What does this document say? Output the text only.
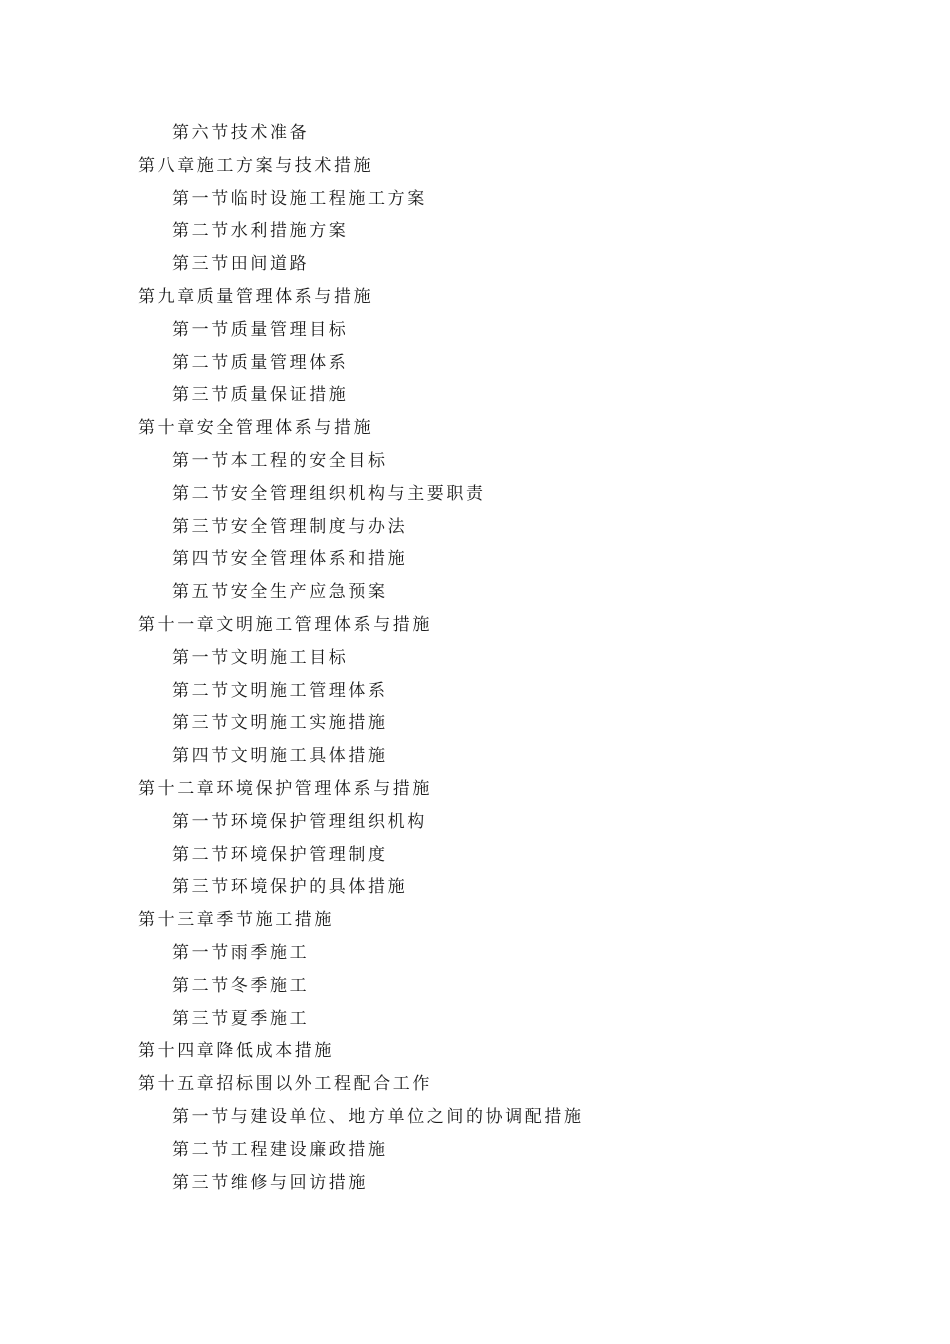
第六节技术准备
第八章施工方案与技术措施
第一节临时设施工程施工方案
第二节水利措施方案
第三节田间道路
第九章质量管理体系与措施
第一节质量管理目标
第二节质量管理体系
第三节质量保证措施
第十章安全管理体系与措施
第一节本工程的安全目标
第二节安全管理组织机构与主要职责
第三节安全管理制度与办法
第四节安全管理体系和措施
第五节安全生产应急预案
第十一章文明施工管理体系与措施
第一节文明施工目标
第二节文明施工管理体系
第三节文明施工实施措施
第四节文明施工具体措施
第十二章环境保护管理体系与措施
第一节环境保护管理组织机构
第二节环境保护管理制度
第三节环境保护的具体措施
第十三章季节施工措施
第一节雨季施工
第二节冬季施工
第三节夏季施工
第十四章降低成本措施
第十五章招标围以外工程配合工作
第一节与建设单位、地方单位之间的协调配措施
第二节工程建设廉政措施
第三节维修与回访措施
